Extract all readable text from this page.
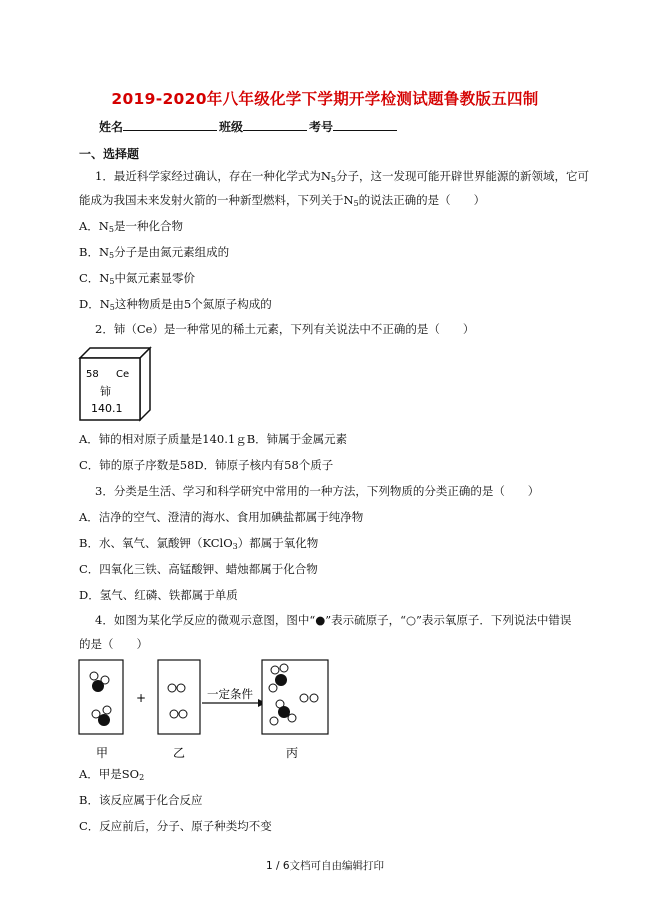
2019-2020年八年级化学下学期开学检测试题鲁教版五四制
姓名	班级	考号
一、选择题
1．最近科学家经过确认，存在一种化学式为$N_5$分子，这一发现可能开辟世界能源的新领域，它可
能成为我国未来发射火箭的一种新型燃料，下列关于$N_5$的说法正确的是（　　）
A．$N_5$是一种化合物
B．$N_5$分子是由氮元素组成的
C．$N_5$中氮元素显零价
D．$N_5$这种物质是由5个氮原子构成的
2．铈（Ce）是一种常见的稀土元素，下列有关说法中不正确的是（　　）
58 Ce
铈
140.1
A．铈的相对原子质量是140.1ｇB．铈属于金属元素
C．铈的原子序数是58D．铈原子核内有58个质子
3．分类是生活、学习和科学研究中常用的一种方法，下列物质的分类正确的是（　　）
A．洁净的空气、澄清的海水、食用加碘盐都属于纯净物
B．水、氧气、氯酸钾（KClO$_3$）都属于氧化物
C．四氧化三铁、高锰酸钾、蜡烛都属于化合物
D．氢气、红磷、铁都属于单质
4．如图为某化学反应的微观示意图，图中“●”表示硫原子，“○”表示氧原子．下列说法中错误
的是（　　）
甲
+
乙
一定条件
丙
A．甲是$SO_2$
B．该反应属于化合反应
C．反应前后，分子、原子种类均不变
1 / 6文档可自由编辑打印
